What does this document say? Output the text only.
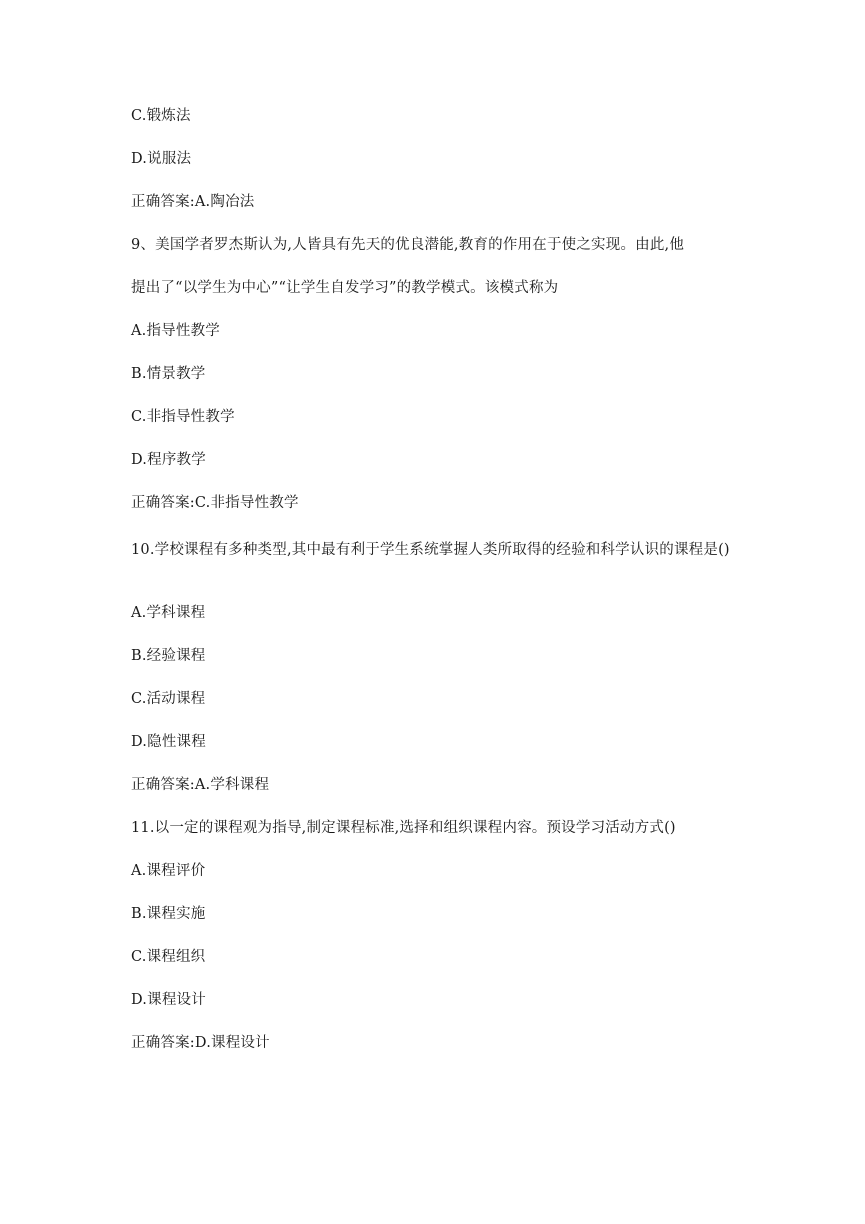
C.锻炼法
D.说服法
正确答案:A.陶冶法
9、美国学者罗杰斯认为,人皆具有先天的优良潜能,教育的作用在于使之实现。由此,他
提出了“以学生为中心”“让学生自发学习”的教学模式。该模式称为
A.指导性教学
B.情景教学
C.非指导性教学
D.程序教学
正确答案:C.非指导性教学
10.学校课程有多种类型,其中最有利于学生系统掌握人类所取得的经验和科学认识的课程是()
A.学科课程
B.经验课程
C.活动课程
D.隐性课程
正确答案:A.学科课程
11.以一定的课程观为指导,制定课程标准,选择和组织课程内容。预设学习活动方式()
A.课程评价
B.课程实施
C.课程组织
D.课程设计
正确答案:D.课程设计
